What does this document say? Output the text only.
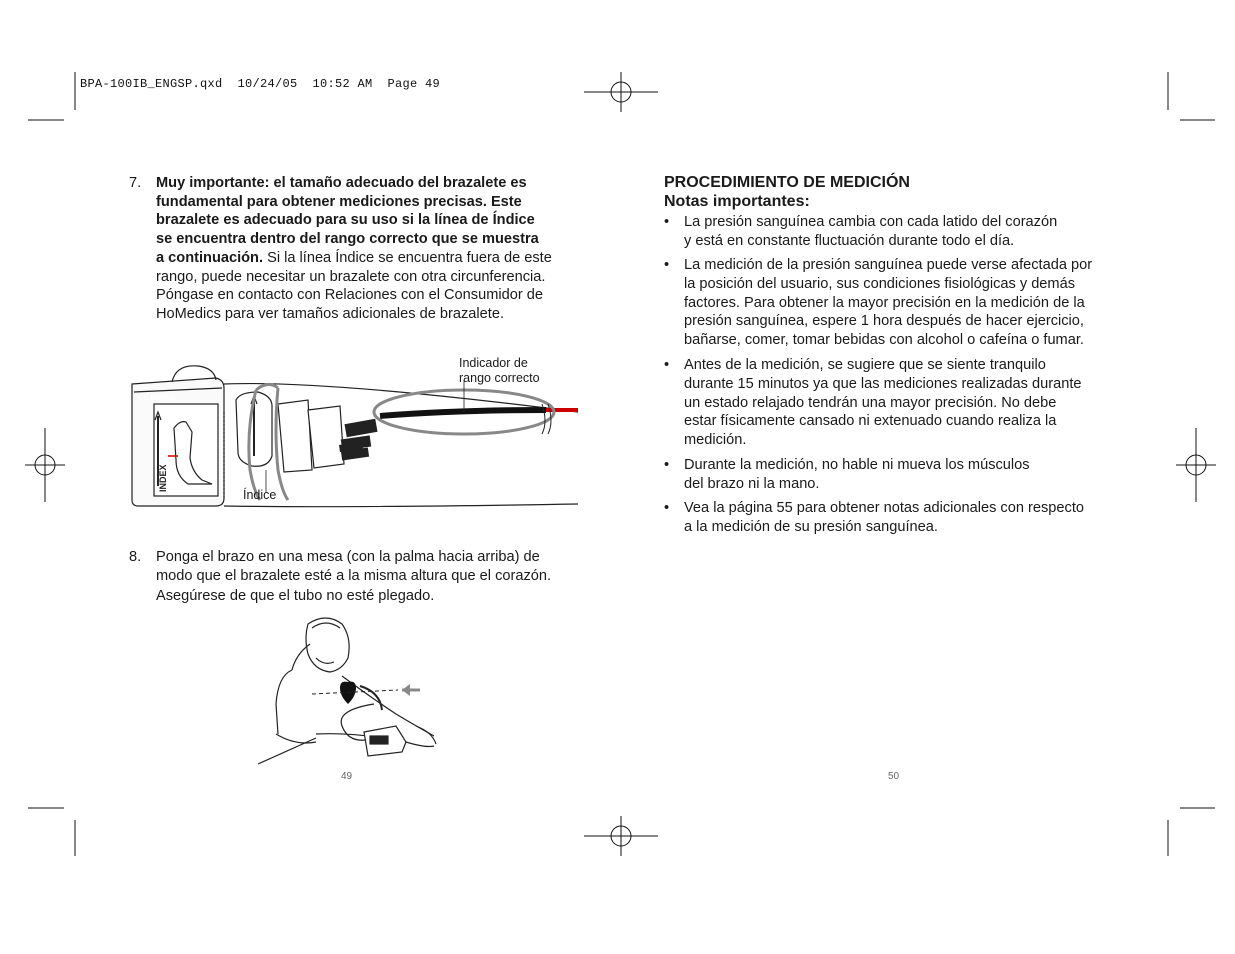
BPA-100IB_ENGSP.qxd  10/24/05  10:52 AM  Page 49
7. Muy importante: el tamaño adecuado del brazalete es
fundamental para obtener mediciones precisas. Este
brazalete es adecuado para su uso si la línea de Índice
se encuentra dentro del rango correcto que se muestra
a continuación. Si la línea Índice se encuentra fuera de este
rango, puede necesitar un brazalete con otra circunferencia.
Póngase en contacto con Relaciones con el Consumidor de
HoMedics para ver tamaños adicionales de brazalete.
OK RANGE
OK RANGE
INDEX
Indicador de
rango correcto
Índice
8. Ponga el brazo en una mesa (con la palma hacia arriba) de
modo que el brazalete esté a la misma altura que el corazón.
Asegúrese de que el tubo no esté plegado.
49
PROCEDIMIENTO DE MEDICIÓN
Notas importantes:
• La presión sanguínea cambia con cada latido del corazón
y está en constante fluctuación durante todo el día.
• La medición de la presión sanguínea puede verse afectada por
la posición del usuario, sus condiciones fisiológicas y demás
factores. Para obtener la mayor precisión en la medición de la
presión sanguínea, espere 1 hora después de hacer ejercicio,
bañarse, comer, tomar bebidas con alcohol o cafeína o fumar.
• Antes de la medición, se sugiere que se siente tranquilo
durante 15 minutos ya que las mediciones realizadas durante
un estado relajado tendrán una mayor precisión. No debe
estar físicamente cansado ni extenuado cuando realiza la
medición.
• Durante la medición, no hable ni mueva los músculos
del brazo ni la mano.
• Vea la página 55 para obtener notas adicionales con respecto
a la medición de su presión sanguínea.
50
